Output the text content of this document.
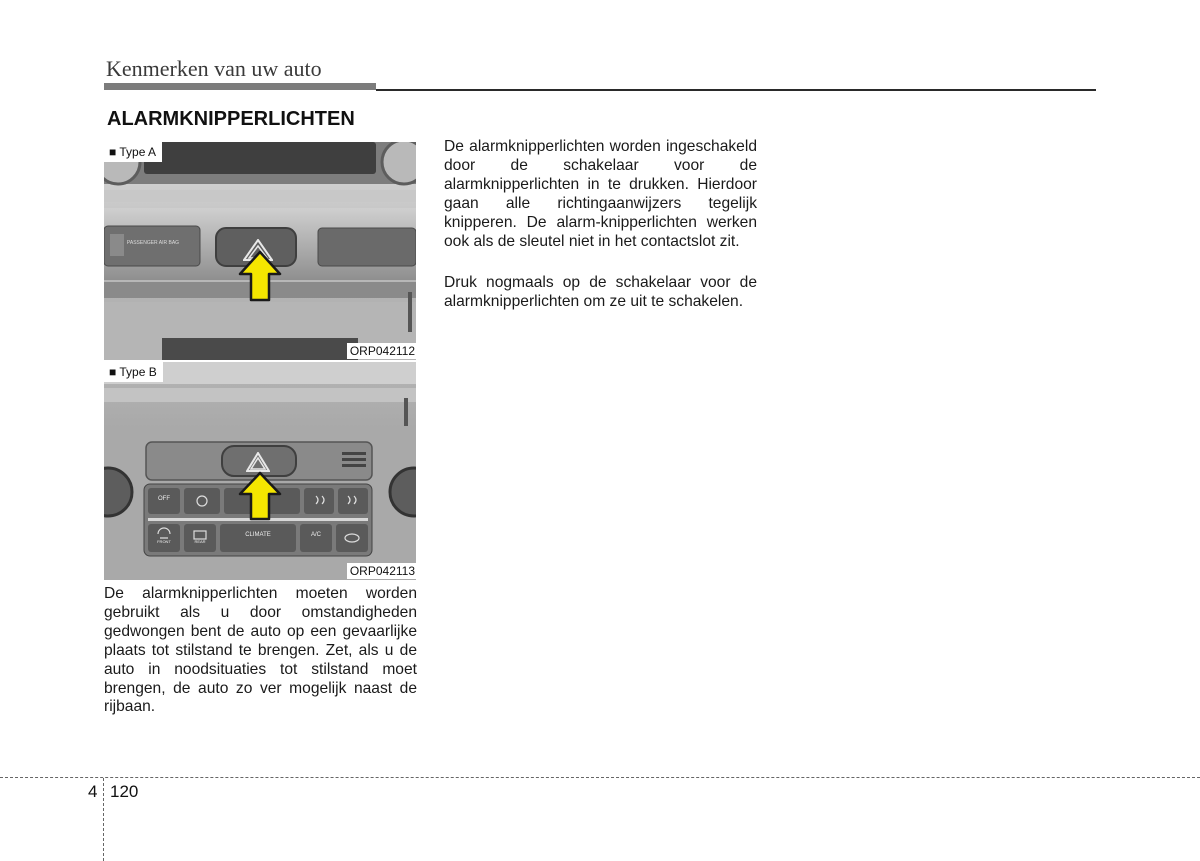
Kenmerken van uw auto
ALARMKNIPPERLICHTEN
PASSENGER AIR BAG
■ Type A
ORP042112
OFF
FRONT	REAR
CLIMATE	A/C
■ Type B
ORP042113
De alarmknipperlichten moeten worden gebruikt als u door omstandigheden gedwongen bent de auto op een gevaarlijke plaats tot stilstand te brengen. Zet, als u de auto in noodsituaties tot stilstand moet brengen, de auto zo ver mogelijk naast de rijbaan.
De alarmknipperlichten worden ingeschakeld door de schakelaar voor de alarmknipperlichten in te drukken. Hierdoor gaan alle richtingaanwijzers tegelijk knipperen. De alarm-knipperlichten werken ook als de sleutel niet in het contactslot zit.
Druk nogmaals op de schakelaar voor de alarmknipperlichten om ze uit te schakelen.
4 120
